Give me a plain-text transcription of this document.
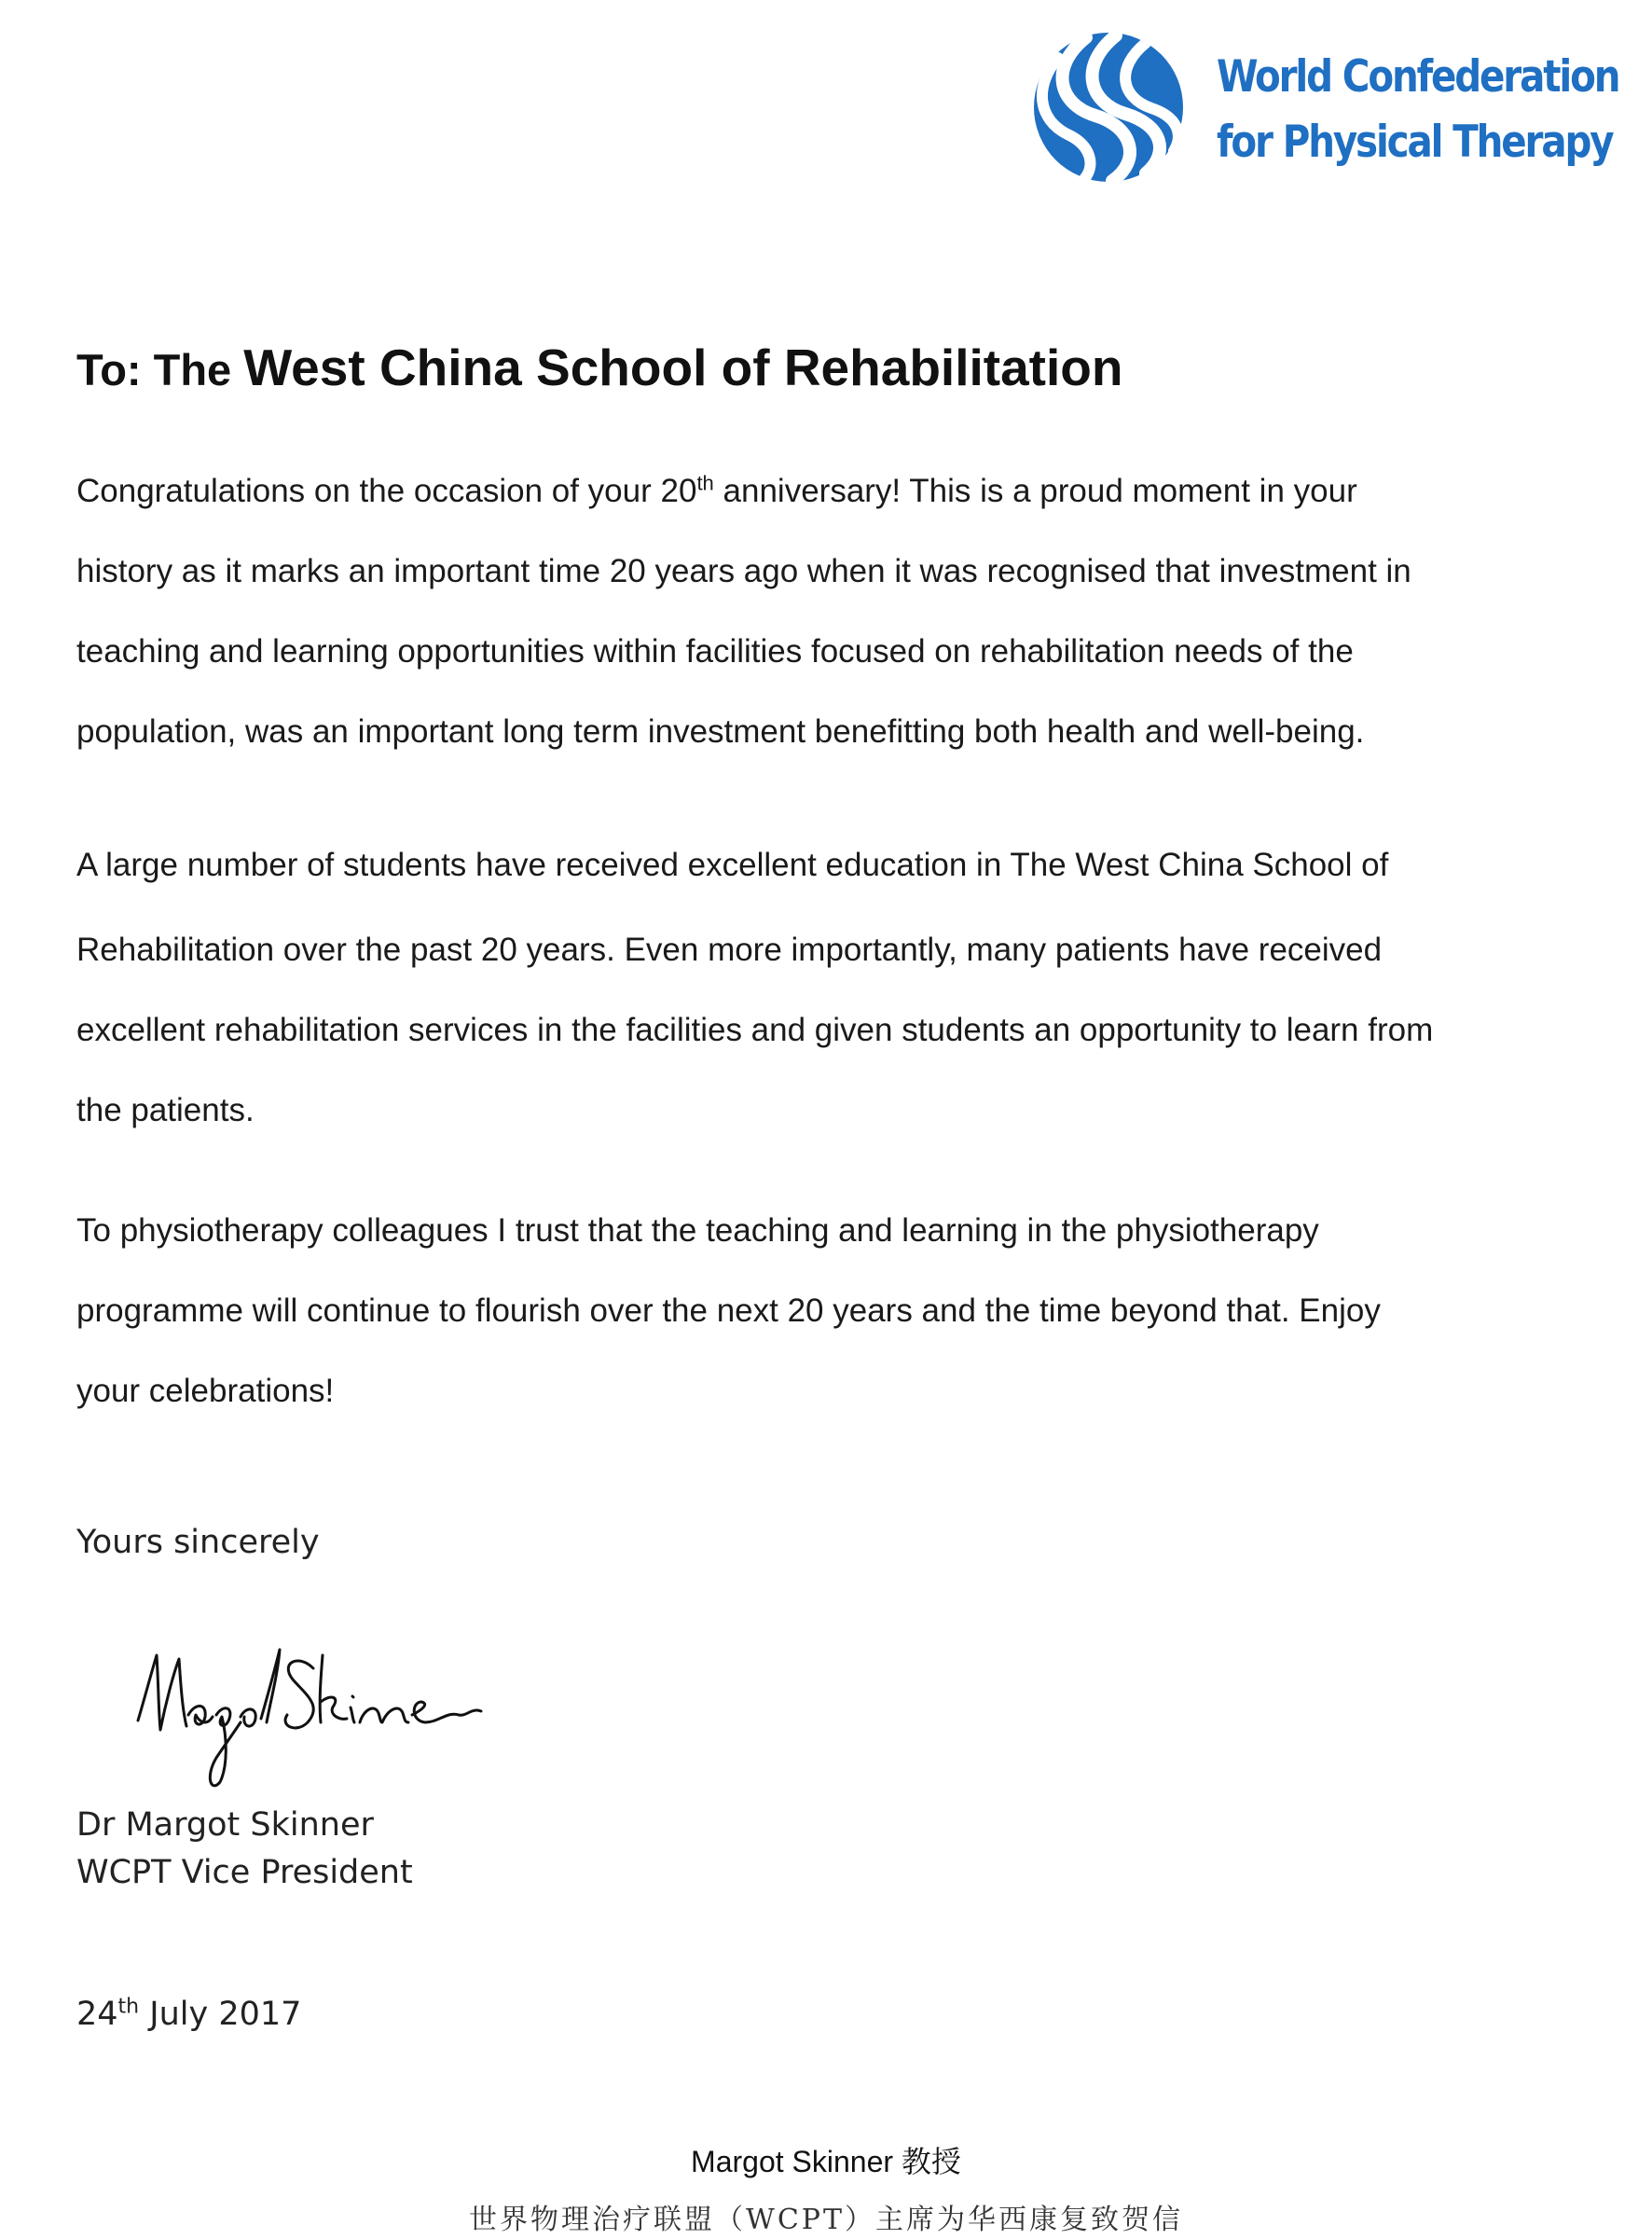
World Confederation
for Physical Therapy
To: The West China School of Rehabilitation
Congratulations on the occasion of your 20th anniversary! This is a proud moment in your
history as it marks an important time 20 years ago when it was recognised that investment in
teaching and learning opportunities within facilities focused on rehabilitation needs of the
population, was an important long term investment benefitting both health and well-being.
A large number of students have received excellent education in The West China School of
Rehabilitation over the past 20 years. Even more importantly, many patients have received
excellent rehabilitation services in the facilities and given students an opportunity to learn from
the patients.
To physiotherapy colleagues I trust that the teaching and learning in the physiotherapy
programme will continue to flourish over the next 20 years and the time beyond that. Enjoy
your celebrations!
Yours sincerely
Dr Margot Skinner
WCPT Vice President
24th July 2017
Margot Skinner 教授
世界物理治疗联盟（WCPT）主席为华西康复致贺信
